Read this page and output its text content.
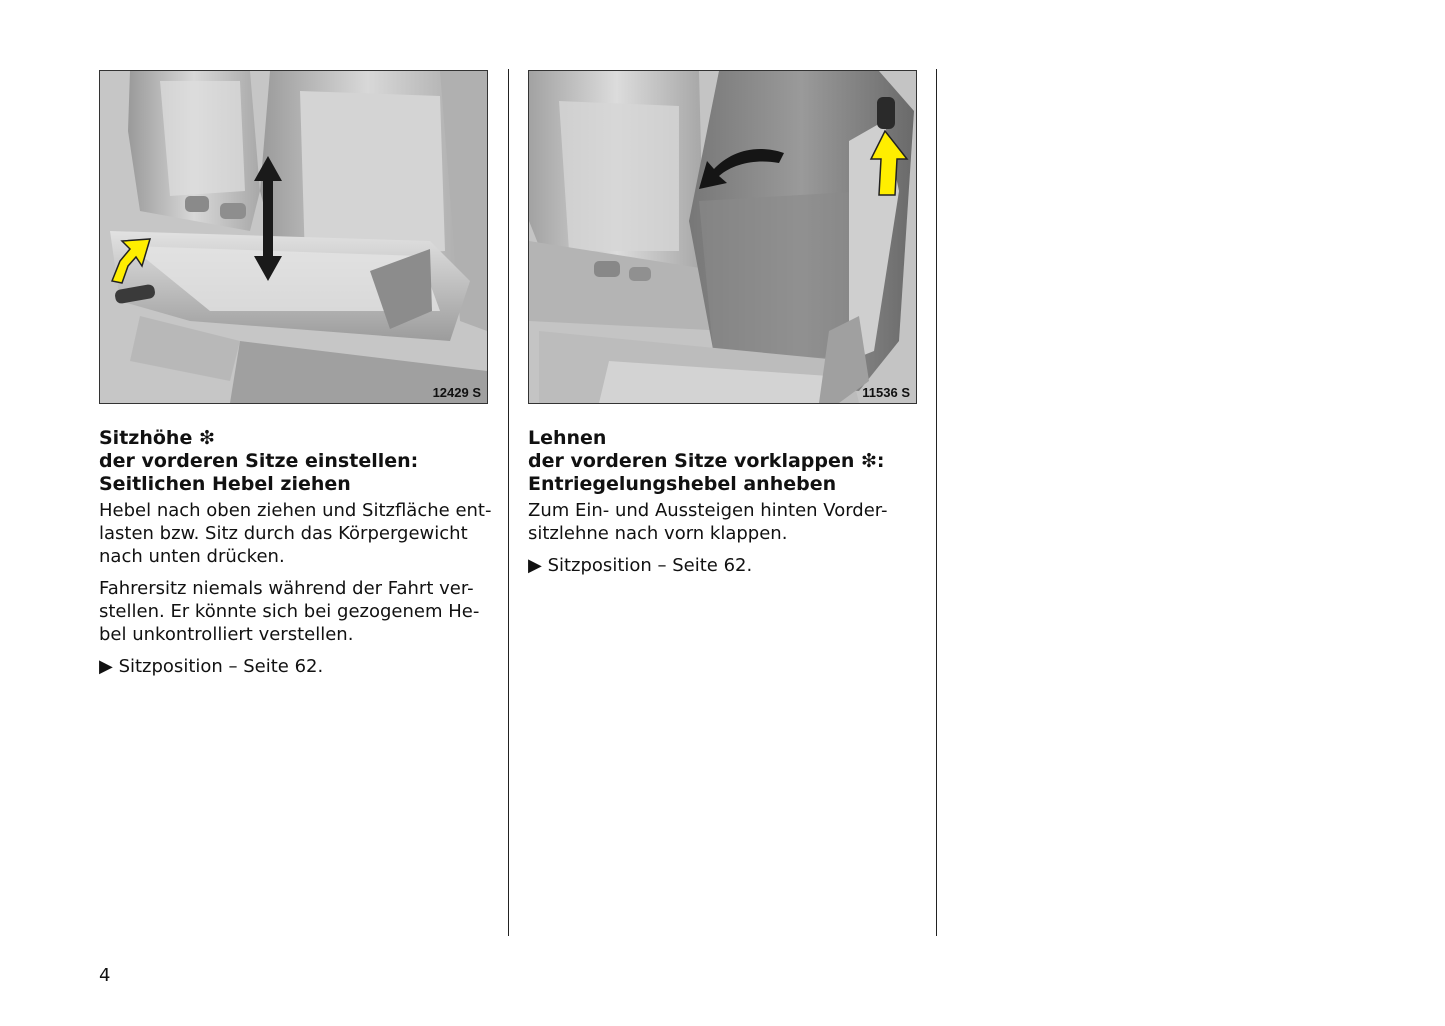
12429 S
Sitzhöhe ❇
der vorderen Sitze einstellen:
Seitlichen Hebel ziehen

Hebel nach oben ziehen und Sitzfläche ent-
lasten bzw. Sitz durch das Körpergewicht
nach unten drücken.

Fahrersitz niemals während der Fahrt ver-
stellen. Er könnte sich bei gezogenem He-
bel unkontrolliert verstellen.

▶ Sitzposition – Seite 62.
11536 S
Lehnen
der vorderen Sitze vorklappen ❇:
Entriegelungshebel anheben

Zum Ein- und Aussteigen hinten Vorder-
sitzlehne nach vorn klappen.

▶ Sitzposition – Seite 62.
4
